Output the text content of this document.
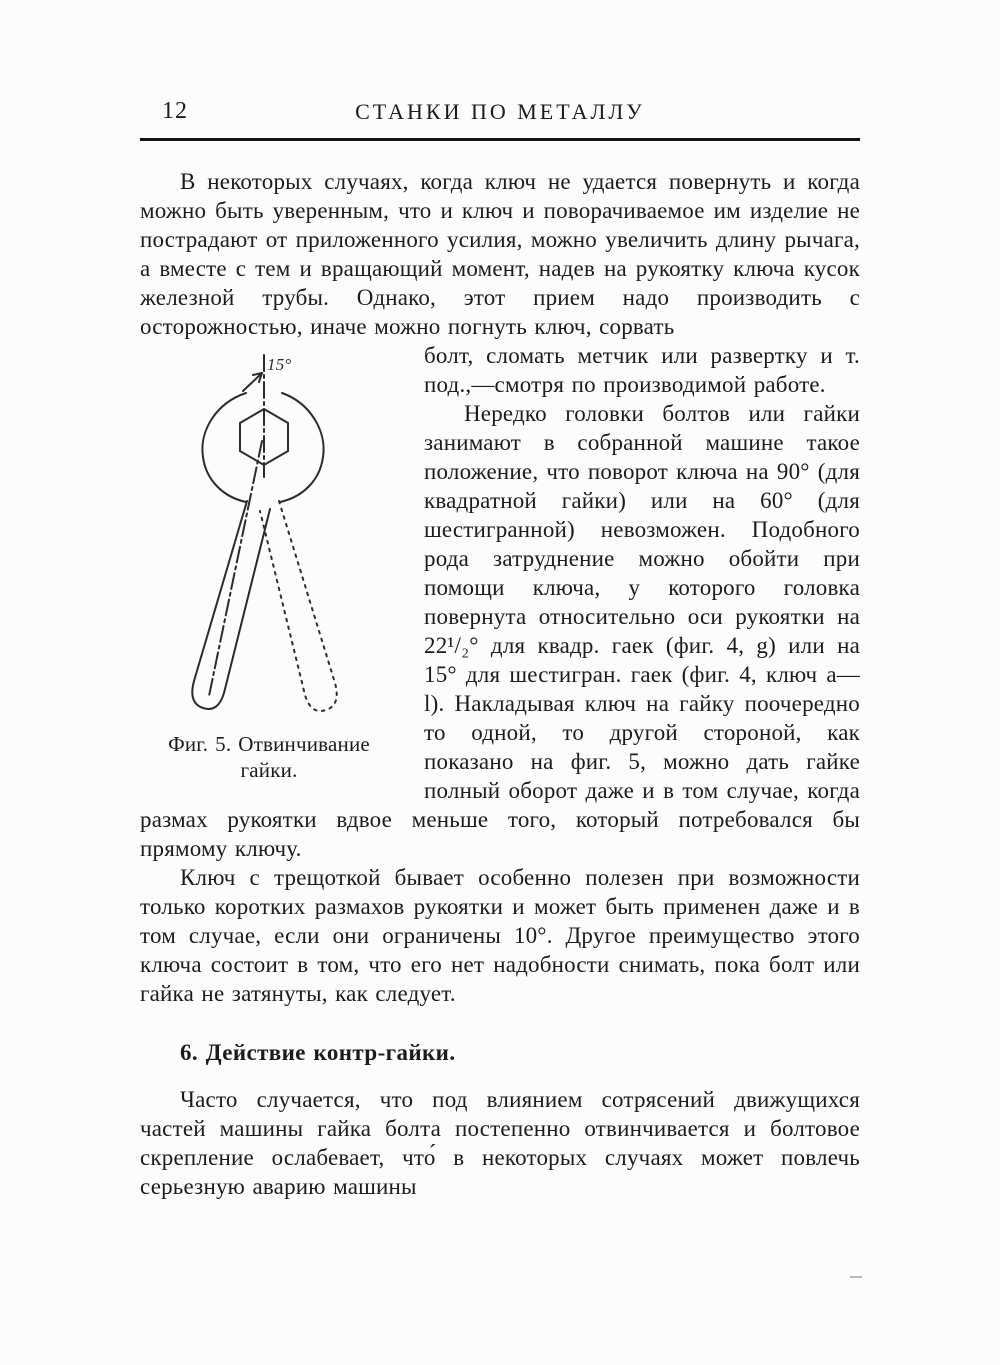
12	СТАНКИ ПО МЕТАЛЛУ

В некоторых случаях, когда ключ не удается повернуть и когда можно быть уверенным, что и ключ и поворачиваемое им изделие не пострадают от приложенного усилия, можно увеличить длину рычага, а вместе с тем и вращающий момент, надев на рукоятку ключа кусок железной трубы. Однако, этот прием надо производить с осторожностью, иначе можно погнуть ключ, сорвать

15°
Фиг. 5. Отвинчивание гайки.

болт, сломать метчик или развертку и т. под.,—смотря по производимой работе.

Нередко головки болтов или гайки занимают в собранной машине такое положение, что поворот ключа на 90° (для квадратной гайки) или на 60° (для шестигранной) невозможен. Подобного рода затруднение можно обойти при помощи ключа, у которого головка повернута относительно оси рукоятки на 22¹/₂° для квадр. гаек (фиг. 4, g) или на 15° для шестигран. гаек (фиг. 4, ключ a—l). Накладывая ключ на гайку поочередно то одной, то другой стороной, как показано на фиг. 5, можно дать гайке полный оборот даже и в том случае, когда размах рукоятки вдвое меньше того, который потребовался бы прямому ключу.

Ключ с трещоткой бывает особенно полезен при возможности только коротких размахов рукоятки и может быть применен даже и в том случае, если они ограничены 10°. Другое преимущество этого ключа состоит в том, что его нет надобности снимать, пока болт или гайка не затянуты, как следует.

6. Действие контр-гайки.

Часто случается, что под влиянием сотрясений движущихся частей машины гайка болта постепенно отвинчивается и болтовое скрепление ослабевает, что́ в некоторых случаях может повлечь серьезную аварию машины
